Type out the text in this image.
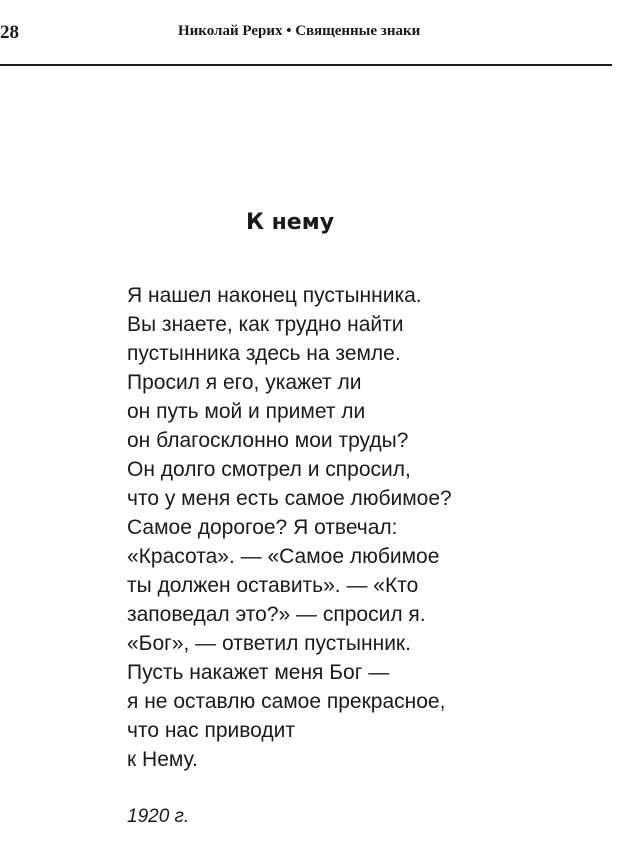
28	Николай Рерих • Священные знаки
К нему
Я нашел наконец пустынника.
Вы знаете, как трудно найти
пустынника здесь на земле.
Просил я его, укажет ли
он путь мой и примет ли
он благосклонно мои труды?
Он долго смотрел и спросил,
что у меня есть самое любимое?
Самое дорогое? Я отвечал:
«Красота». — «Самое любимое
ты должен оставить». — «Кто
заповедал это?» — спросил я.
«Бог», — ответил пустынник.
Пусть накажет меня Бог —
я не оставлю самое прекрасное,
что нас приводит
к Нему.
1920 г.
